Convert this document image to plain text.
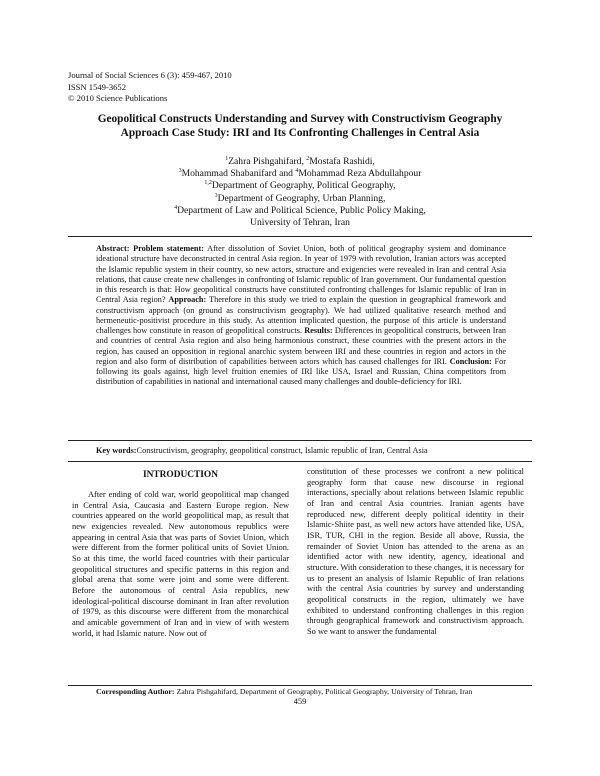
Journal of Social Sciences 6 (3): 459-467, 2010
ISSN 1549-3652
© 2010 Science Publications
Geopolitical Constructs Understanding and Survey with Constructivism Geography
Approach Case Study: IRI and Its Confronting Challenges in Central Asia
$^1$Zahra Pishgahifard, $^2$Mostafa Rashidi,
$^3$Mohammad Shabanifard and $^4$Mohammad Reza Abdullahpour
$^{1,2}$Department of Geography, Political Geography,
$^3$Department of Geography, Urban Planning,
$^4$Department of Law and Political Science, Public Policy Making,
University of Tehran, Iran
Abstract: Problem statement: After dissolution of Soviet Union, both of political geography system and dominance ideational structure have deconstructed in central Asia region. In year of 1979 with revolution, Iranian actors was accepted the Islamic republic system in their country, so new actors, structure and exigencies were revealed in Iran and central Asia relations, that cause create new challenges in confronting of Islamic republic of Iran government. Our fundamental question in this research is that: How geopolitical constructs have constituted confronting challenges for Islamic republic of Iran in Central Asia region? Approach: Therefore in this study we tried to explain the question in geographical framework and constructivism approach (on ground as constructivism geography). We had utilized qualitative research method and hermeneutic-positivist procedure in this study. As attention implicated question, the purpose of this article is understand challenges how constitute in reason of geopolitical constructs. Results: Differences in geopolitical constructs, between Iran and countries of central Asia region and also being harmonious construct, these countries with the present actors in the region, has caused an opposition in regional anarchic system between IRI and these countries in region and actors in the region and also form of distribution of capabilities between actors which has caused challenges for IRI. Conclusion: For following its goals against, high level fruition enemies of IRI like USA, Israel and Russian, China competitors from distribution of capabilities in national and international caused many challenges and double-deficiency for IRI.
Key words:Constructivism, geography, geopolitical construct, Islamic republic of Iran, Central Asia
INTRODUCTION

After ending of cold war, world geopolitical map changed in Central Asia, Caucasia and Eastern Europe region. New countries appeared on the world geopolitical map, as result that new exigencies revealed. New autonomous republics were appearing in central Asia that was parts of Soviet Union, which were different from the former political units of Soviet Union. So at this time, the world faced countries with their particular geopolitical structures and specific patterns in this region and global arena that some were joint and some were different. Before the autonomous of central Asia republics, new ideological-political discourse dominant in Iran after revolution of 1979, as this discourse were different from the monarchical and amicable government of Iran and in view of with western world, it had Islamic nature. Now out of

constitution of these processes we confront a new political geography form that cause new discourse in regional interactions, specially about relations between Islamic republic of Iran and central Asia countries. Iranian agents have reproduced new, different deeply political identity in their Islamic-Shiite past, as well new actors have attended like, USA, ISR, TUR, CHI in the region. Beside all above, Russia, the remainder of Soviet Union has attended to the arena as an identified actor with new identity, agency, ideational and structure. With consideration to these changes, it is necessary for us to present an analysis of Islamic Republic of Iran relations with the central Asia countries by survey and understanding geopolitical constructs in the region, ultimately we have exhibited to understand confronting challenges in this region through geographical framework and constructivism approach. So we want to answer the fundamental

Corresponding Author: Zahra Pishgahifard, Department of Geography, Political Geography, University of Tehran, Iran
459
